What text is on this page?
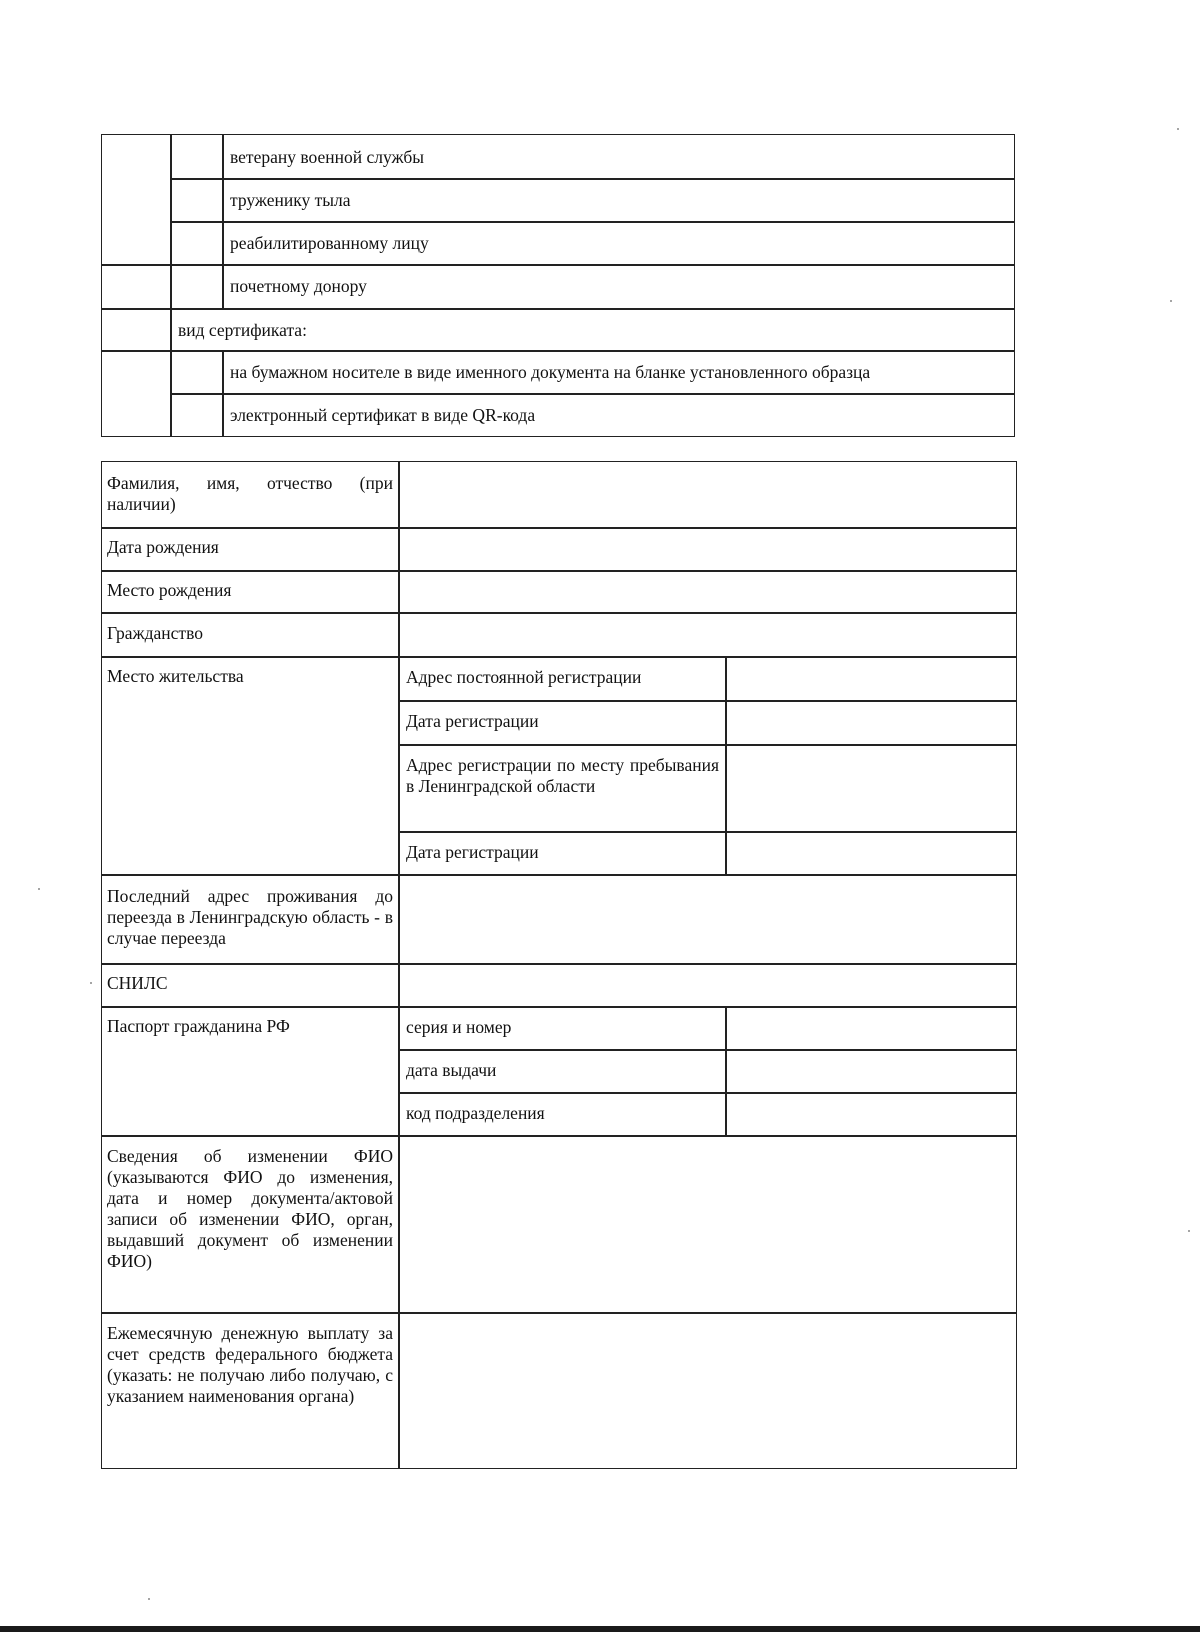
ветерану военной службы
труженику тыла
реабилитированному лицу
почетному донору
вид сертификата:
на бумажном носителе в виде именного документа на бланке установленного образца
электронный сертификат в виде QR-кода
Фамилия, имя, отчество (при наличии)
Дата рождения
Место рождения
Гражданство
Место жительства	Адрес постоянной регистрации
Дата регистрации
Адрес регистрации по месту пребывания в Ленинградской области
Дата регистрации
Последний адрес проживания до переезда в Ленинградскую область - в случае переезда
СНИЛС
Паспорт гражданина РФ	серия и номер
дата выдачи
код подразделения
Сведения об изменении ФИО (указываются ФИО до изменения, дата и номер документа/актовой записи об изменении ФИО, орган, выдавший документ об изменении ФИО)
Ежемесячную денежную выплату за счет средств федерального бюджета (указать: не получаю либо получаю, с указанием наименования органа)
